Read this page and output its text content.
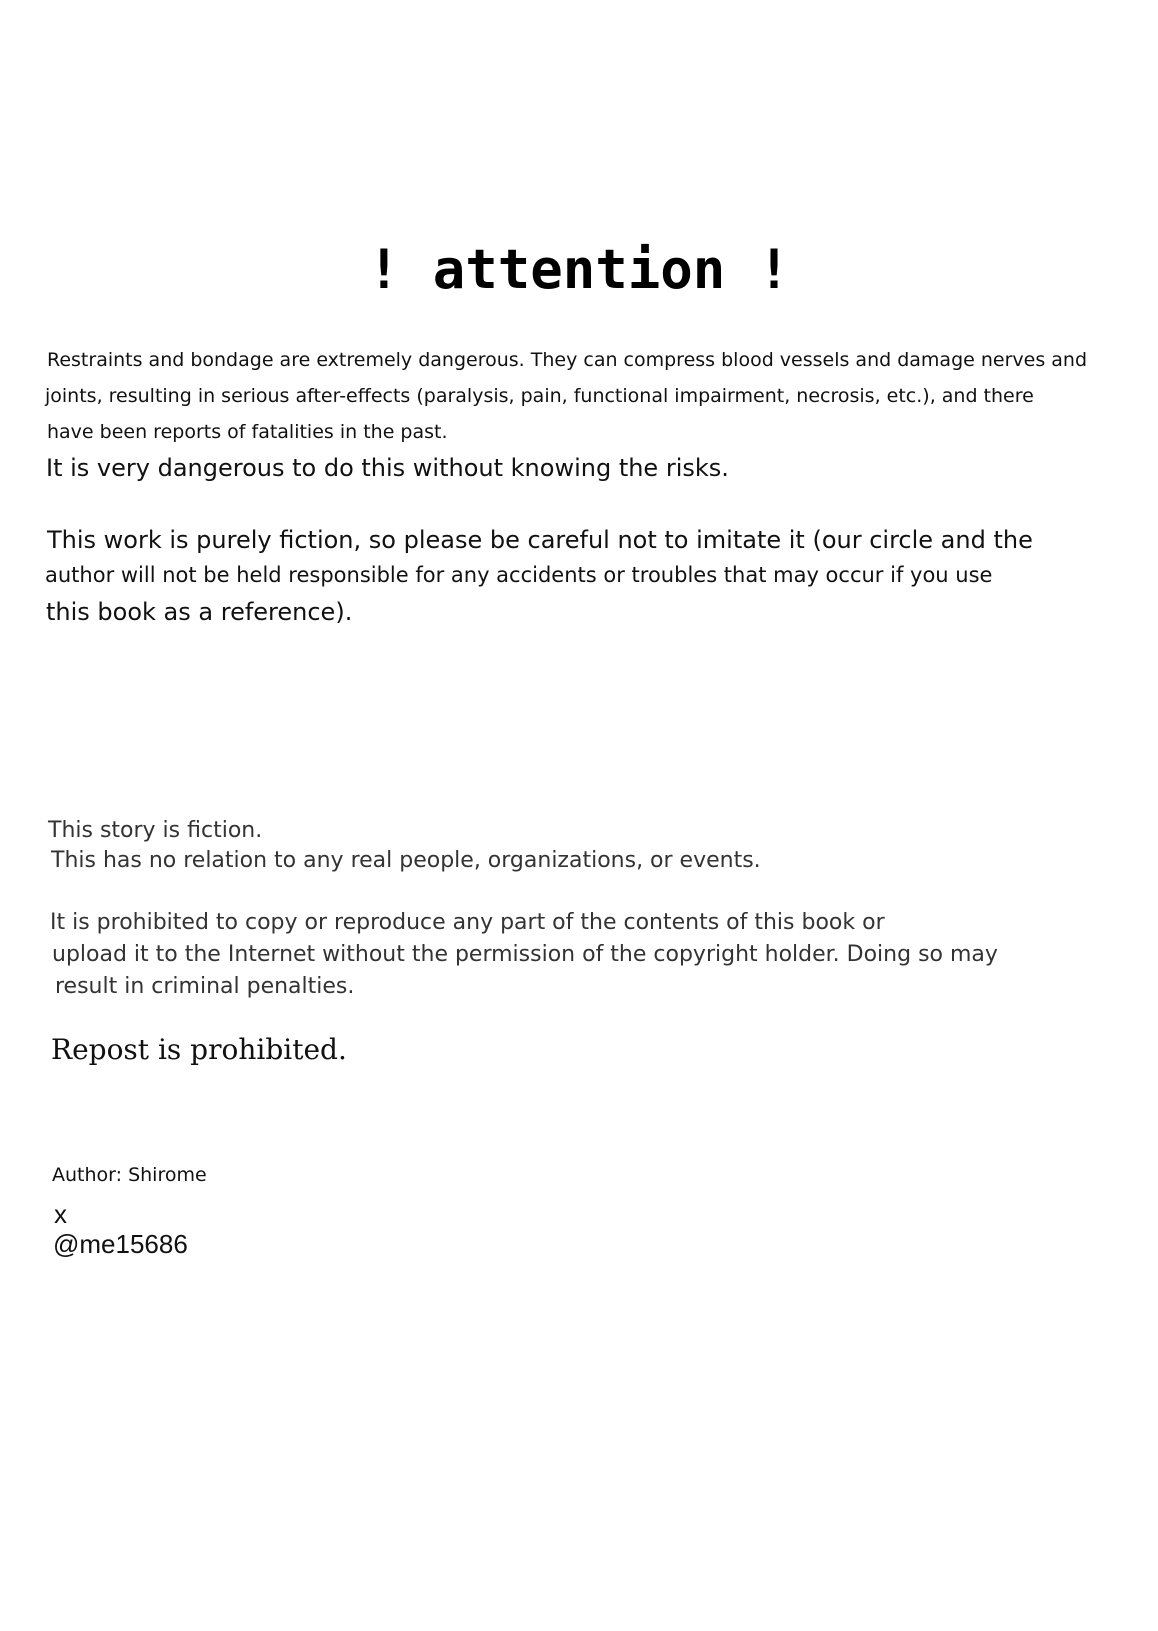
! attention !

Restraints and bondage are extremely dangerous. They can compress blood vessels and damage nerves and

joints, resulting in serious after-effects (paralysis, pain, functional impairment, necrosis, etc.), and there

have been reports of fatalities in the past.

It is very dangerous to do this without knowing the risks.

This work is purely fiction, so please be careful not to imitate it (our circle and the

author will not be held responsible for any accidents or troubles that may occur if you use

this book as a reference).

This story is fiction.

This has no relation to any real people, organizations, or events.

It is prohibited to copy or reproduce any part of the contents of this book or

upload it to the Internet without the permission of the copyright holder. Doing so may

result in criminal penalties.

Repost is prohibited.

Author: Shirome

x

@me15686
